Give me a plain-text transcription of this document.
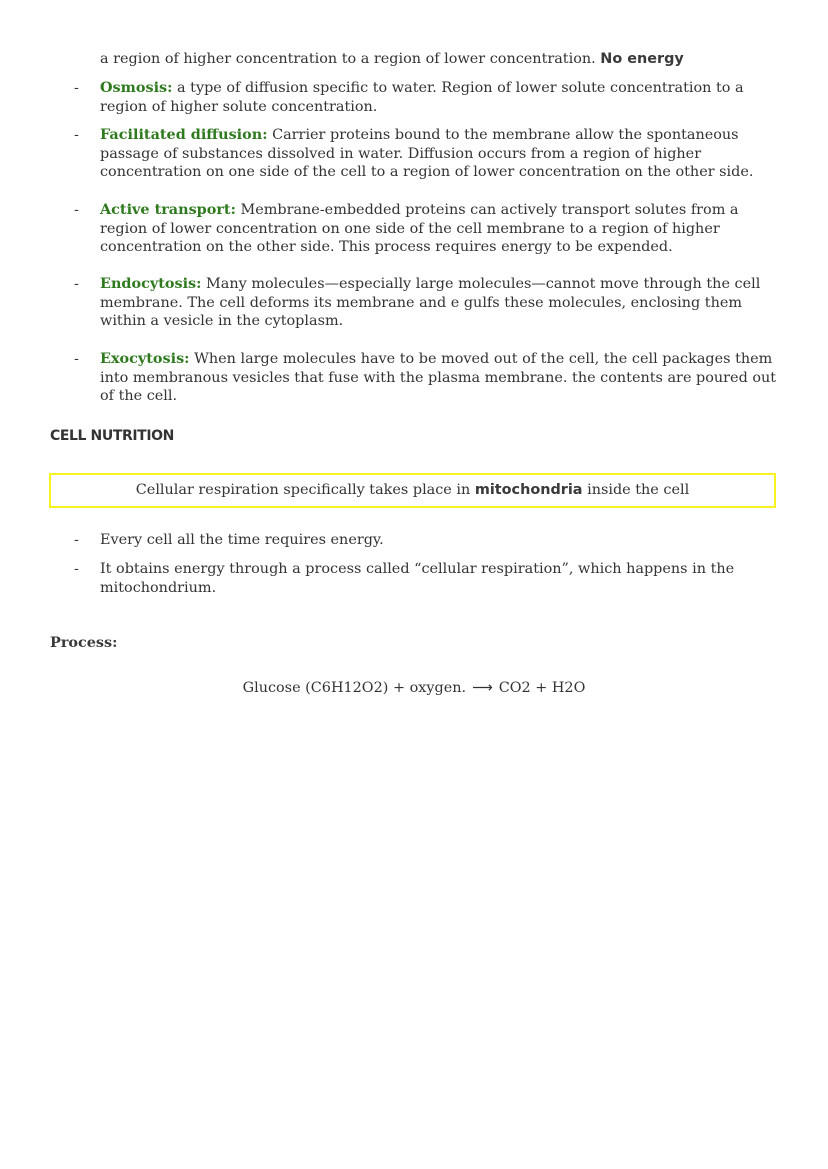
a region of higher concentration to a region of lower concentration. No energy
-	Osmosis: a type of diffusion specific to water. Region of lower solute concentration to a region of higher solute concentration.
-	Facilitated diffusion: Carrier proteins bound to the membrane allow the spontaneous passage of substances dissolved in water. Diffusion occurs from a region of higher concentration on one side of the cell to a region of lower concentration on the other side.
-	Active transport: Membrane-embedded proteins can actively transport solutes from a region of lower concentration on one side of the cell membrane to a region of higher concentration on the other side. This process requires energy to be expended.
-	Endocytosis: Many molecules—especially large molecules—cannot move through the cell membrane. The cell deforms its membrane and e gulfs these molecules, enclosing them within a vesicle in the cytoplasm.
-	Exocytosis: When large molecules have to be moved out of the cell, the cell packages them into membranous vesicles that fuse with the plasma membrane. the contents are poured out of the cell.
CELL NUTRITION
Cellular respiration specifically takes place in mitochondria inside the cell
-	Every cell all the time requires energy.
-	It obtains energy through a process called “cellular respiration”, which happens in the mitochondrium.
Process:
Glucose (C6H12O2) + oxygen. ⟶ CO2 + H2O
